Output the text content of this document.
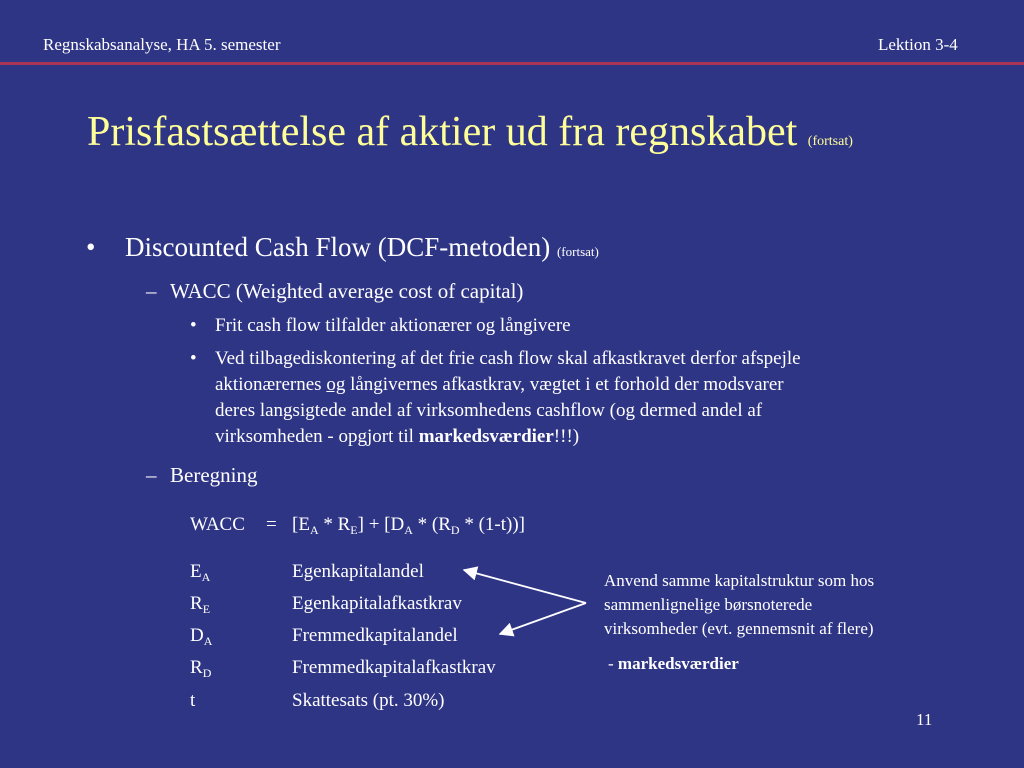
Regnskabsanalyse, HA 5. semester	Lektion 3-4
Prisfastsættelse af aktier ud fra regnskabet (fortsat)
• Discounted Cash Flow (DCF-metoden) (fortsat)
– WACC (Weighted average cost of capital)
• Frit cash flow tilfalder aktionærer og långivere
• Ved tilbagediskontering af det frie cash flow skal afkastkravet derfor afspejle
aktionærernes og långivernes afkastkrav, vægtet i et forhold der modsvarer
deres langsigtede andel af virksomhedens cashflow (og dermed andel af
virksomheden - opgjort til markedsværdier!!!)
– Beregning
WACC = $[E_A * R_E] + [D_A * (R_D * (1-t))]$
$E_A$	Egenkapitalandel
$R_E$	Egenkapitalafkastkrav
$D_A$	Fremmedkapitalandel
$R_D$	Fremmedkapitalafkastkrav
t	Skattesats (pt. 30%)
Anvend samme kapitalstruktur som hos
sammenlignelige børsnoterede
virksomheder (evt. gennemsnit af flere)
- markedsværdier
11
